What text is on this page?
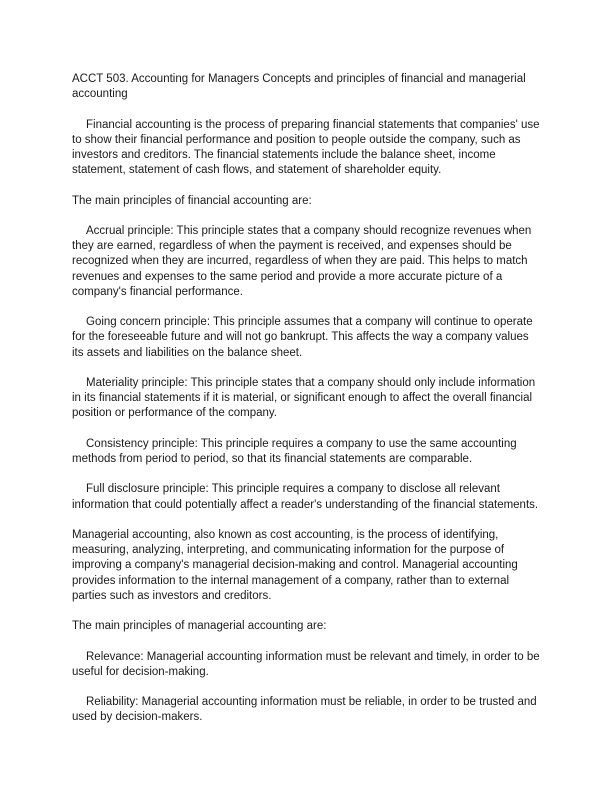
ACCT 503. Accounting for Managers Concepts and principles of financial and managerial accounting

Financial accounting is the process of preparing financial statements that companies' use to show their financial performance and position to people outside the company, such as investors and creditors. The financial statements include the balance sheet, income statement, statement of cash flows, and statement of shareholder equity.

The main principles of financial accounting are:

Accrual principle: This principle states that a company should recognize revenues when they are earned, regardless of when the payment is received, and expenses should be recognized when they are incurred, regardless of when they are paid. This helps to match revenues and expenses to the same period and provide a more accurate picture of a company's financial performance.

Going concern principle: This principle assumes that a company will continue to operate for the foreseeable future and will not go bankrupt. This affects the way a company values its assets and liabilities on the balance sheet.

Materiality principle: This principle states that a company should only include information in its financial statements if it is material, or significant enough to affect the overall financial position or performance of the company.

Consistency principle: This principle requires a company to use the same accounting methods from period to period, so that its financial statements are comparable.

Full disclosure principle: This principle requires a company to disclose all relevant information that could potentially affect a reader's understanding of the financial statements.

Managerial accounting, also known as cost accounting, is the process of identifying, measuring, analyzing, interpreting, and communicating information for the purpose of improving a company's managerial decision-making and control. Managerial accounting provides information to the internal management of a company, rather than to external parties such as investors and creditors.

The main principles of managerial accounting are:

Relevance: Managerial accounting information must be relevant and timely, in order to be useful for decision-making.

Reliability: Managerial accounting information must be reliable, in order to be trusted and used by decision-makers.
